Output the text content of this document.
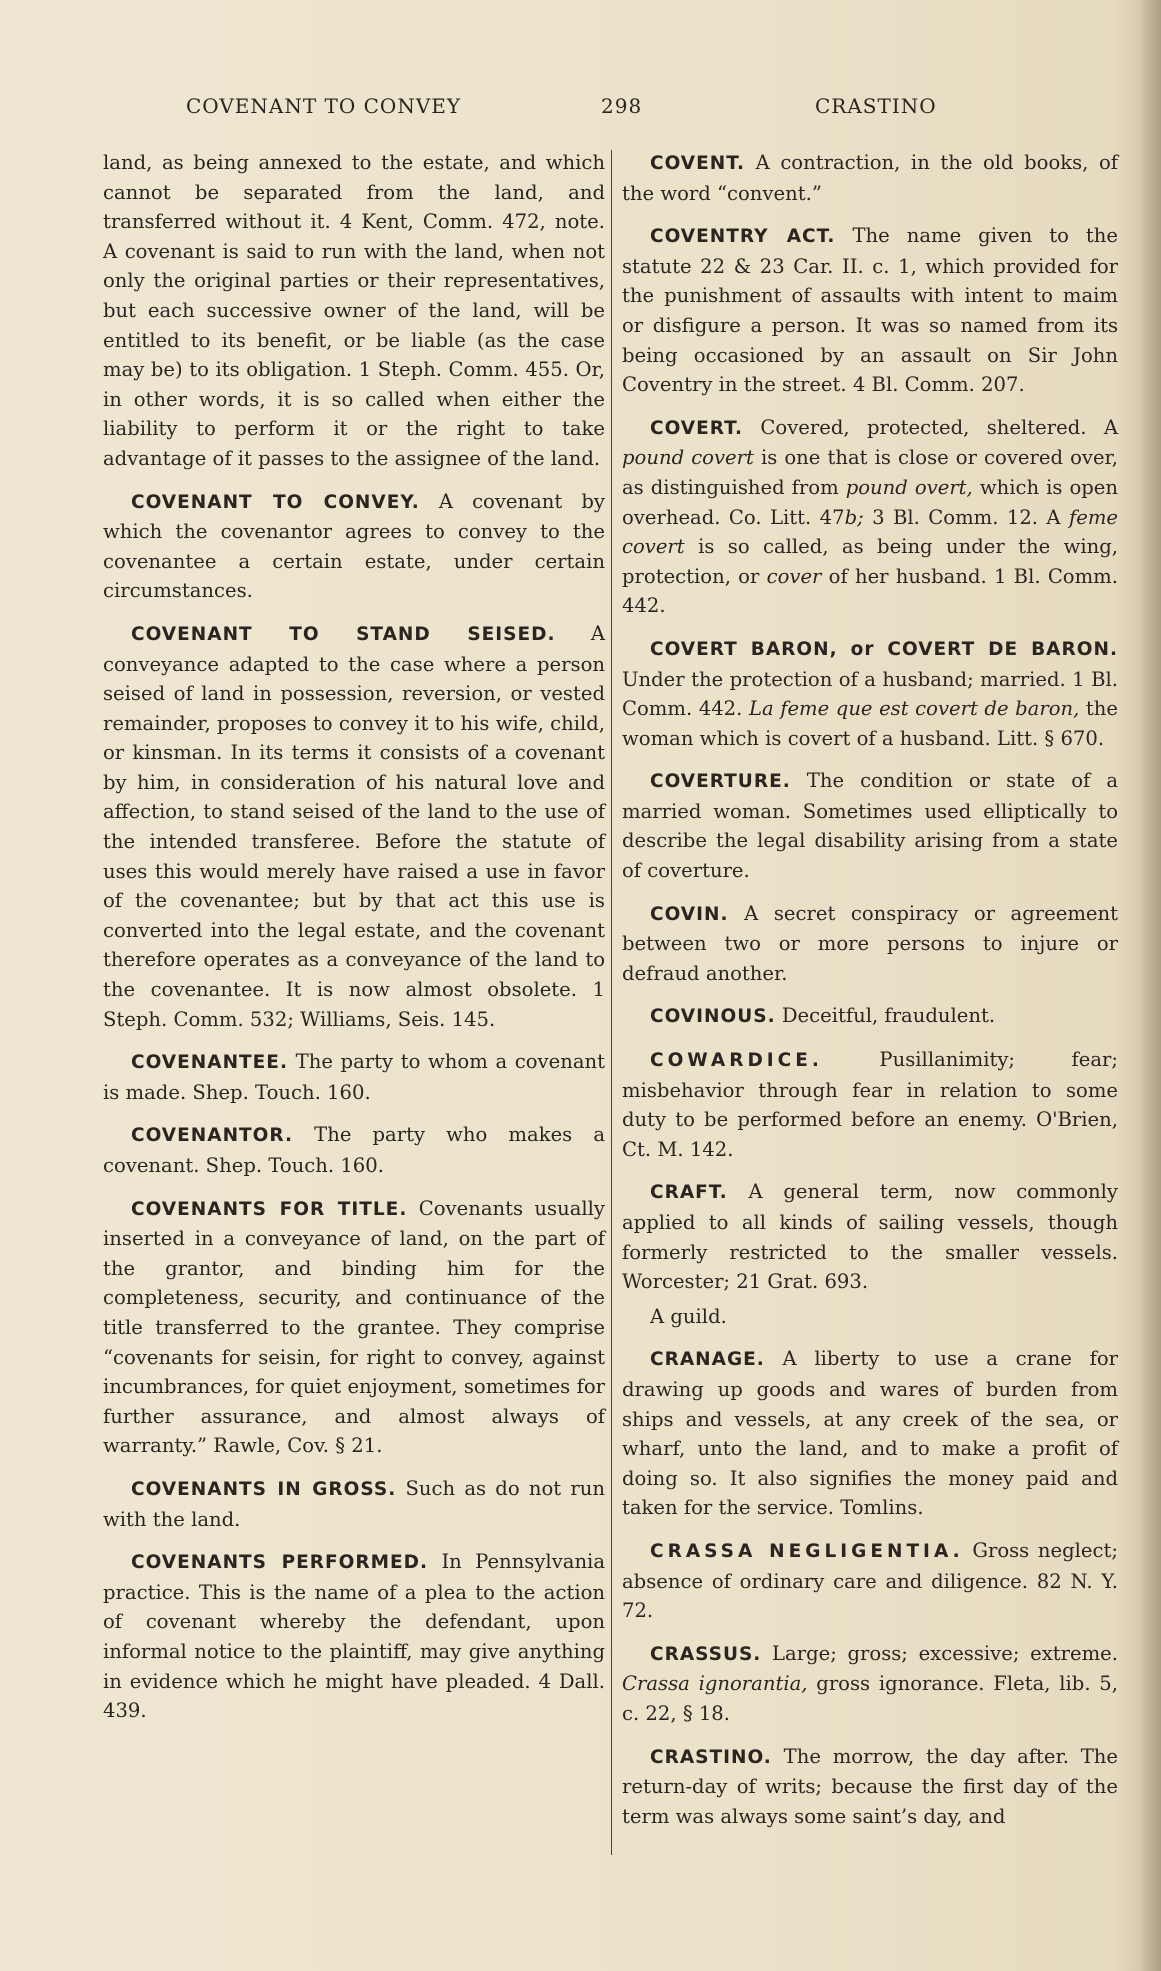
COVENANT TO CONVEY	298	CRASTINO

land, as being annexed to the estate, and which cannot be separated from the land, and transferred without it. 4 Kent, Comm. 472, note. A covenant is said to run with the land, when not only the original parties or their representatives, but each successive owner of the land, will be entitled to its benefit, or be liable (as the case may be) to its obligation. 1 Steph. Comm. 455. Or, in other words, it is so called when either the liability to perform it or the right to take advantage of it passes to the assignee of the land.

COVENANT TO CONVEY. A covenant by which the covenantor agrees to convey to the covenantee a certain estate, under certain circumstances.

COVENANT TO STAND SEISED. A conveyance adapted to the case where a person seised of land in possession, reversion, or vested remainder, proposes to convey it to his wife, child, or kinsman. In its terms it consists of a covenant by him, in consideration of his natural love and affection, to stand seised of the land to the use of the intended transferee. Before the statute of uses this would merely have raised a use in favor of the covenantee; but by that act this use is converted into the legal estate, and the covenant therefore operates as a conveyance of the land to the covenantee. It is now almost obsolete. 1 Steph. Comm. 532; Williams, Seis. 145.

COVENANTEE. The party to whom a covenant is made. Shep. Touch. 160.

COVENANTOR. The party who makes a covenant. Shep. Touch. 160.

COVENANTS FOR TITLE. Covenants usually inserted in a conveyance of land, on the part of the grantor, and binding him for the completeness, security, and continuance of the title transferred to the grantee. They comprise “covenants for seisin, for right to convey, against incumbrances, for quiet enjoyment, sometimes for further assurance, and almost always of warranty.” Rawle, Cov. § 21.

COVENANTS IN GROSS. Such as do not run with the land.

COVENANTS PERFORMED. In Pennsylvania practice. This is the name of a plea to the action of covenant whereby the defendant, upon informal notice to the plaintiff, may give anything in evidence which he might have pleaded. 4 Dall. 439.

COVENT. A contraction, in the old books, of the word “convent.”

COVENTRY ACT. The name given to the statute 22 & 23 Car. II. c. 1, which provided for the punishment of assaults with intent to maim or disfigure a person. It was so named from its being occasioned by an assault on Sir John Coventry in the street. 4 Bl. Comm. 207.

COVERT. Covered, protected, sheltered. A pound covert is one that is close or covered over, as distinguished from pound overt, which is open overhead. Co. Litt. 47b; 3 Bl. Comm. 12. A feme covert is so called, as being under the wing, protection, or cover of her husband. 1 Bl. Comm. 442.

COVERT BARON, or COVERT DE BARON. Under the protection of a husband; married. 1 Bl. Comm. 442. La feme que est covert de baron, the woman which is covert of a husband. Litt. § 670.

COVERTURE. The condition or state of a married woman. Sometimes used elliptically to describe the legal disability arising from a state of coverture.

COVIN. A secret conspiracy or agreement between two or more persons to injure or defraud another.

COVINOUS. Deceitful, fraudulent.

COWARDICE.	Pusillanimity; fear; misbehavior through fear in relation to some duty to be performed before an enemy. O'Brien, Ct. M. 142.

CRAFT. A general term, now commonly applied to all kinds of sailing vessels, though formerly restricted to the smaller vessels. Worcester; 21 Grat. 693.

A guild.

CRANAGE. A liberty to use a crane for drawing up goods and wares of burden from ships and vessels, at any creek of the sea, or wharf, unto the land, and to make a profit of doing so. It also signifies the money paid and taken for the service. Tomlins.

CRASSA NEGLIGENTIA. Gross neglect; absence of ordinary care and diligence. 82 N. Y. 72.

CRASSUS. Large; gross; excessive; extreme. Crassa ignorantia, gross ignorance. Fleta, lib. 5, c. 22, § 18.

CRASTINO. The morrow, the day after. The return-day of writs; because the first day of the term was always some saint’s day, and
